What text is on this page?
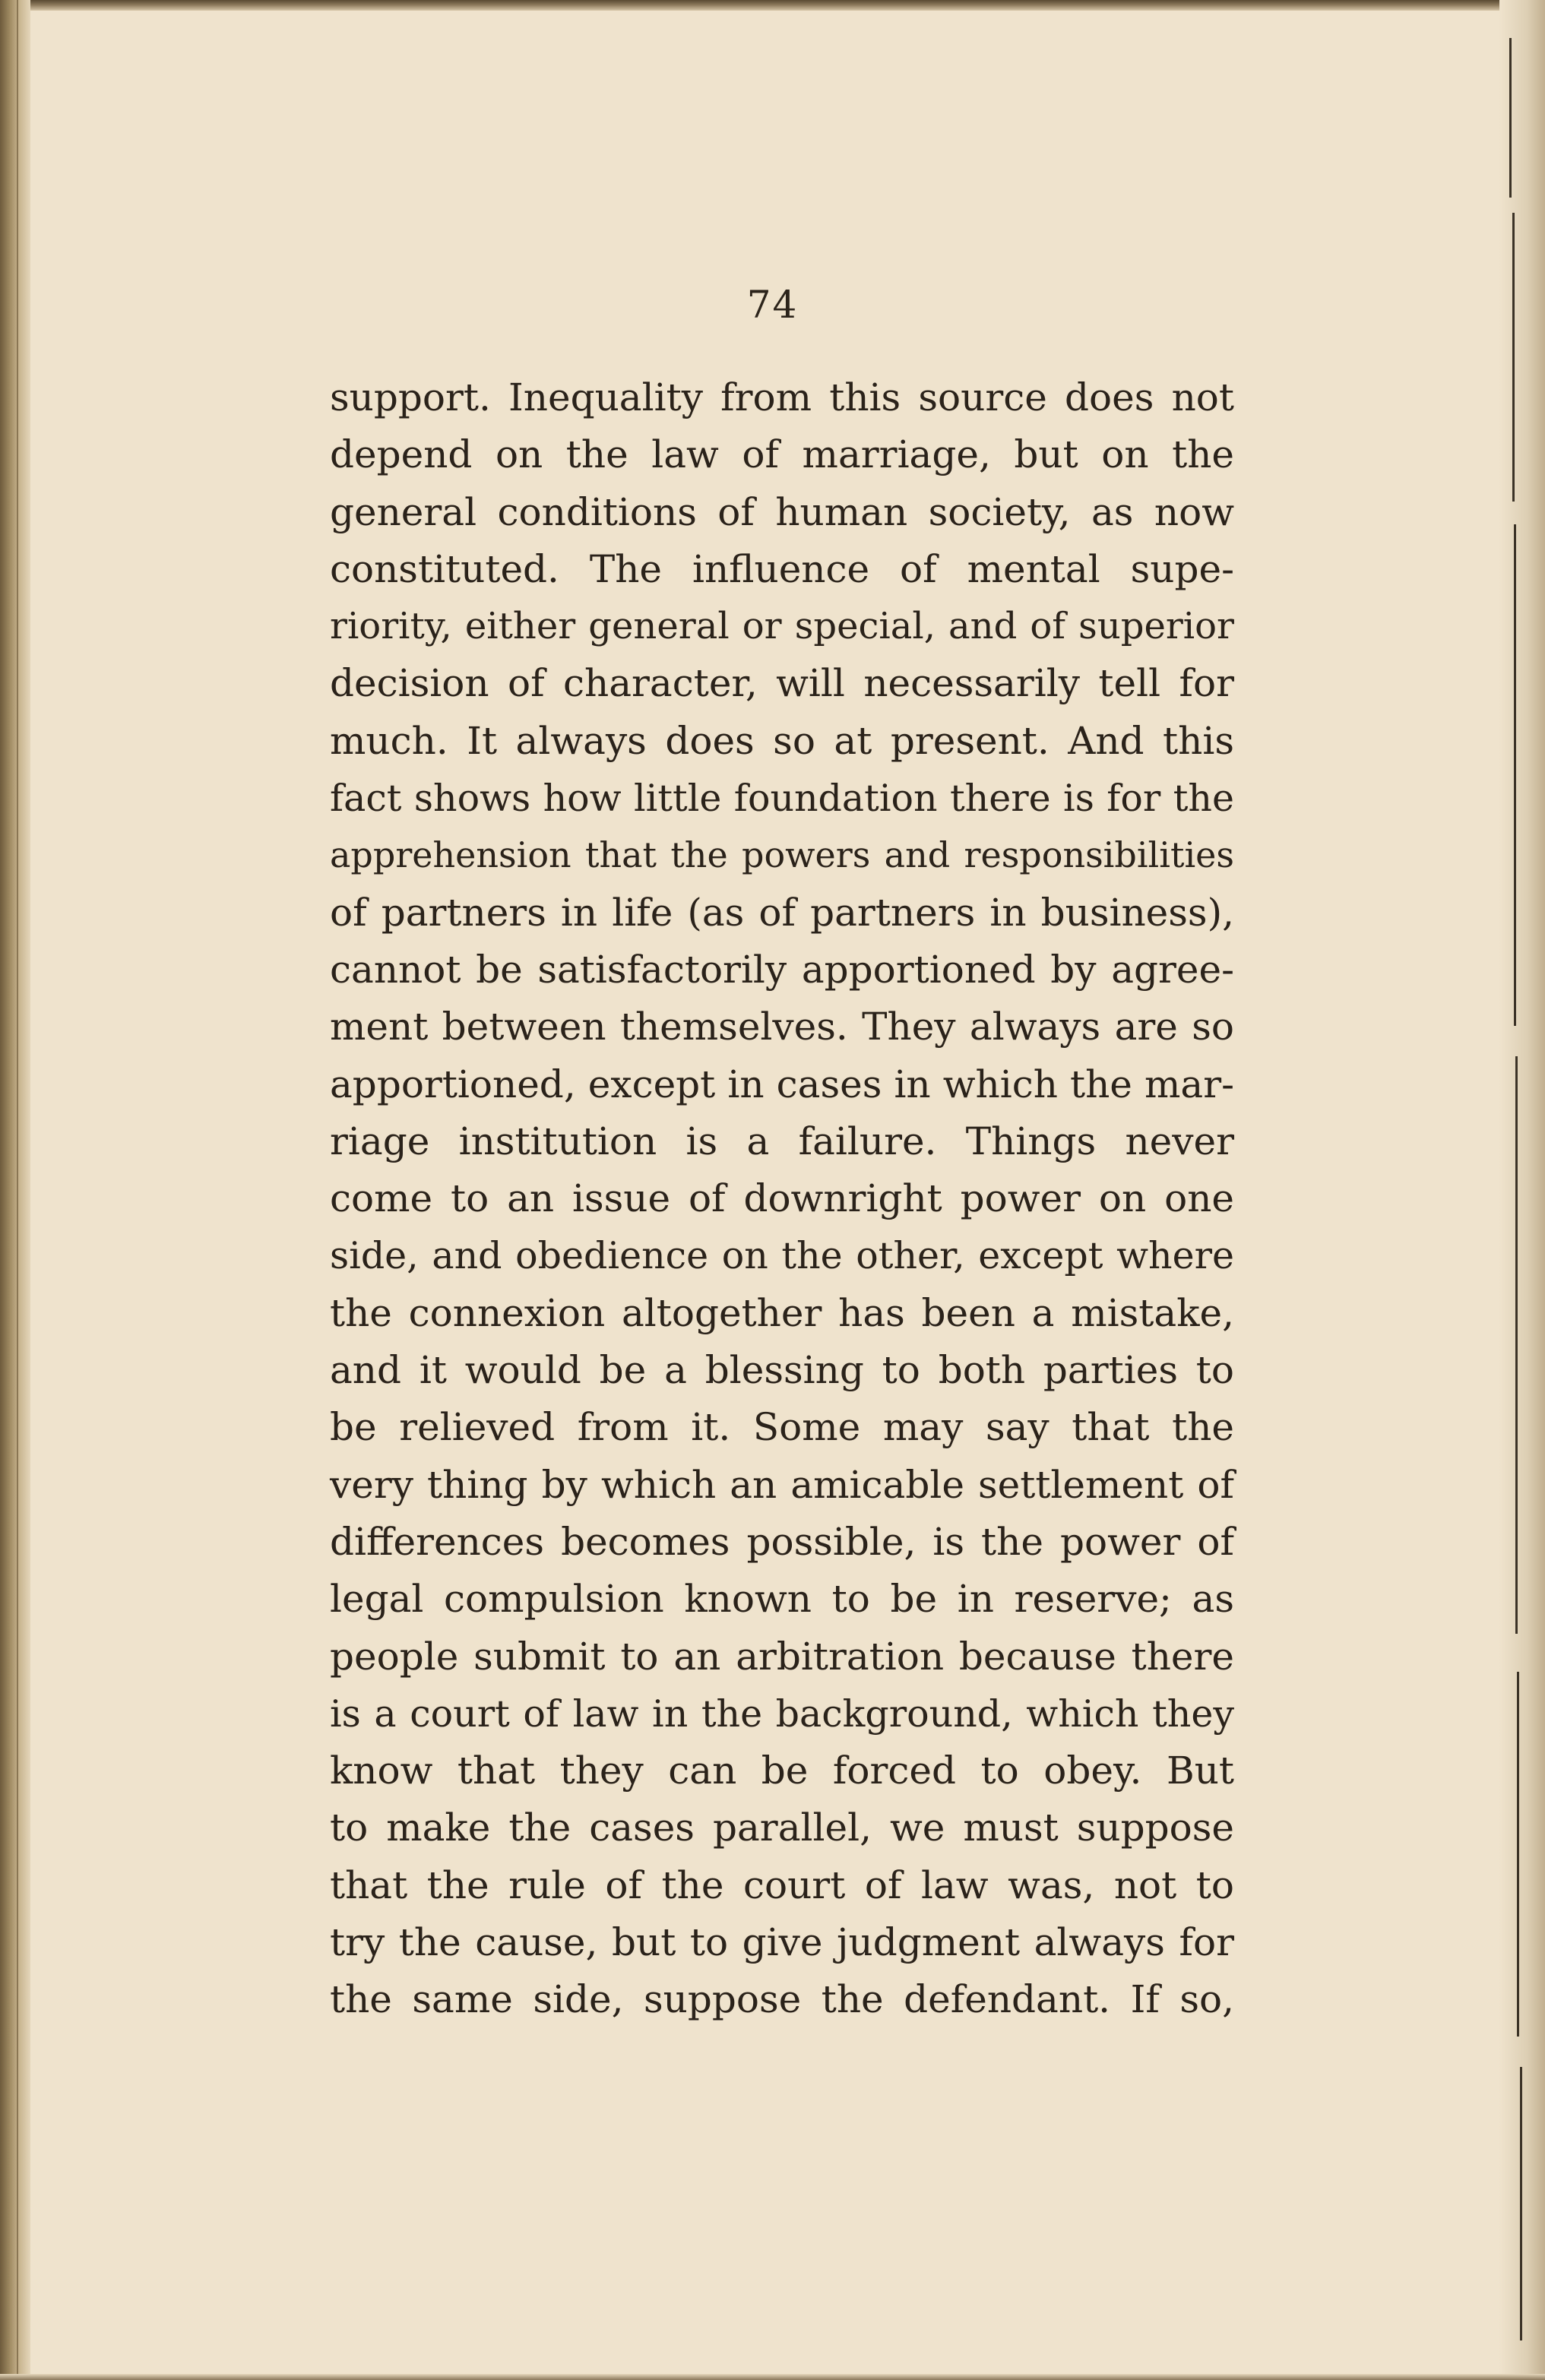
74
support. Inequality from this source does not
depend on the law of marriage, but on the
general conditions of human society, as now
constituted. The influence of mental supe-
riority, either general or special, and of superior
decision of character, will necessarily tell for
much. It always does so at present. And this
fact shows how little foundation there is for the
apprehension that the powers and responsibilities
of partners in life (as of partners in business),
cannot be satisfactorily apportioned by agree-
ment between themselves. They always are so
apportioned, except in cases in which the mar-
riage institution is a failure. Things never
come to an issue of downright power on one
side, and obedience on the other, except where
the connexion altogether has been a mistake,
and it would be a blessing to both parties to
be relieved from it. Some may say that the
very thing by which an amicable settlement of
differences becomes possible, is the power of
legal compulsion known to be in reserve; as
people submit to an arbitration because there
is a court of law in the background, which they
know that they can be forced to obey. But
to make the cases parallel, we must suppose
that the rule of the court of law was, not to
try the cause, but to give judgment always for
the same side, suppose the defendant. If so,
